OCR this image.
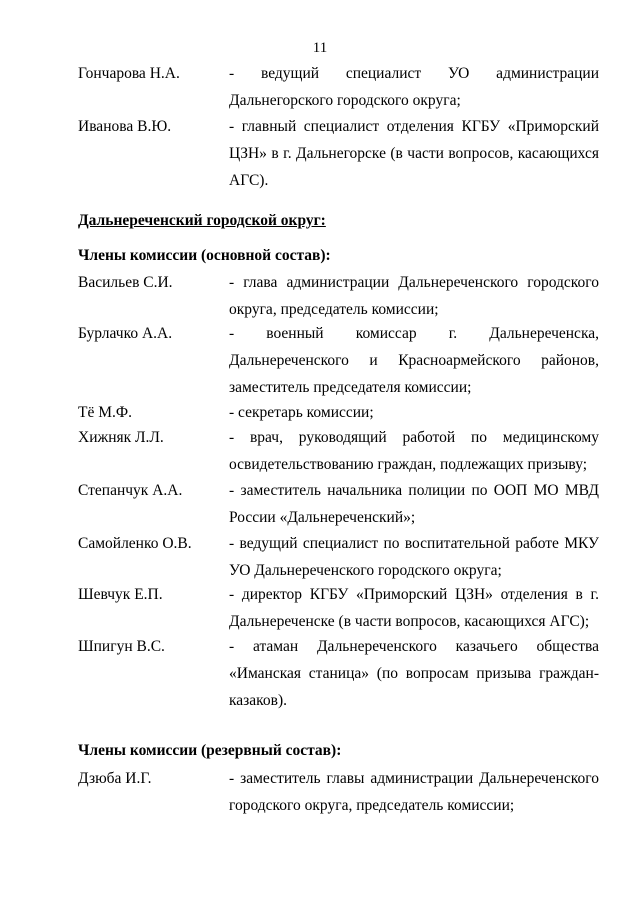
11
Гончарова Н.А.	- ведущий специалист УО администрации Дальнегорского городского округа;
Иванова В.Ю.	- главный специалист отделения КГБУ «Приморский ЦЗН» в г. Дальнегорске (в части вопросов, касающихся АГС).
Дальнереченский городской округ:
Члены комиссии (основной состав):
Васильев С.И.	- глава администрации Дальнереченского городского округа, председатель комиссии;
Бурлачко А.А.	- военный комиссар г. Дальнереченска, Дальнереченского и Красноармейского районов, заместитель председателя комиссии;
Тё М.Ф.	- секретарь комиссии;
Хижняк Л.Л.	- врач, руководящий работой по медицинскому освидетельствованию граждан, подлежащих призыву;
Степанчук А.А.	- заместитель начальника полиции по ООП МО МВД России «Дальнереченский»;
Самойленко О.В.	- ведущий специалист по воспитательной работе МКУ УО Дальнереченского городского округа;
Шевчук Е.П.	- директор КГБУ «Приморский ЦЗН» отделения в г. Дальнереченске (в части вопросов, касающихся АГС);
Шпигун В.С.	- атаман Дальнереченского казачьего общества «Иманская станица» (по вопросам призыва граждан-казаков).
Члены комиссии (резервный состав):
Дзюба И.Г.	- заместитель главы администрации Дальнереченского городского округа, председатель комиссии;
